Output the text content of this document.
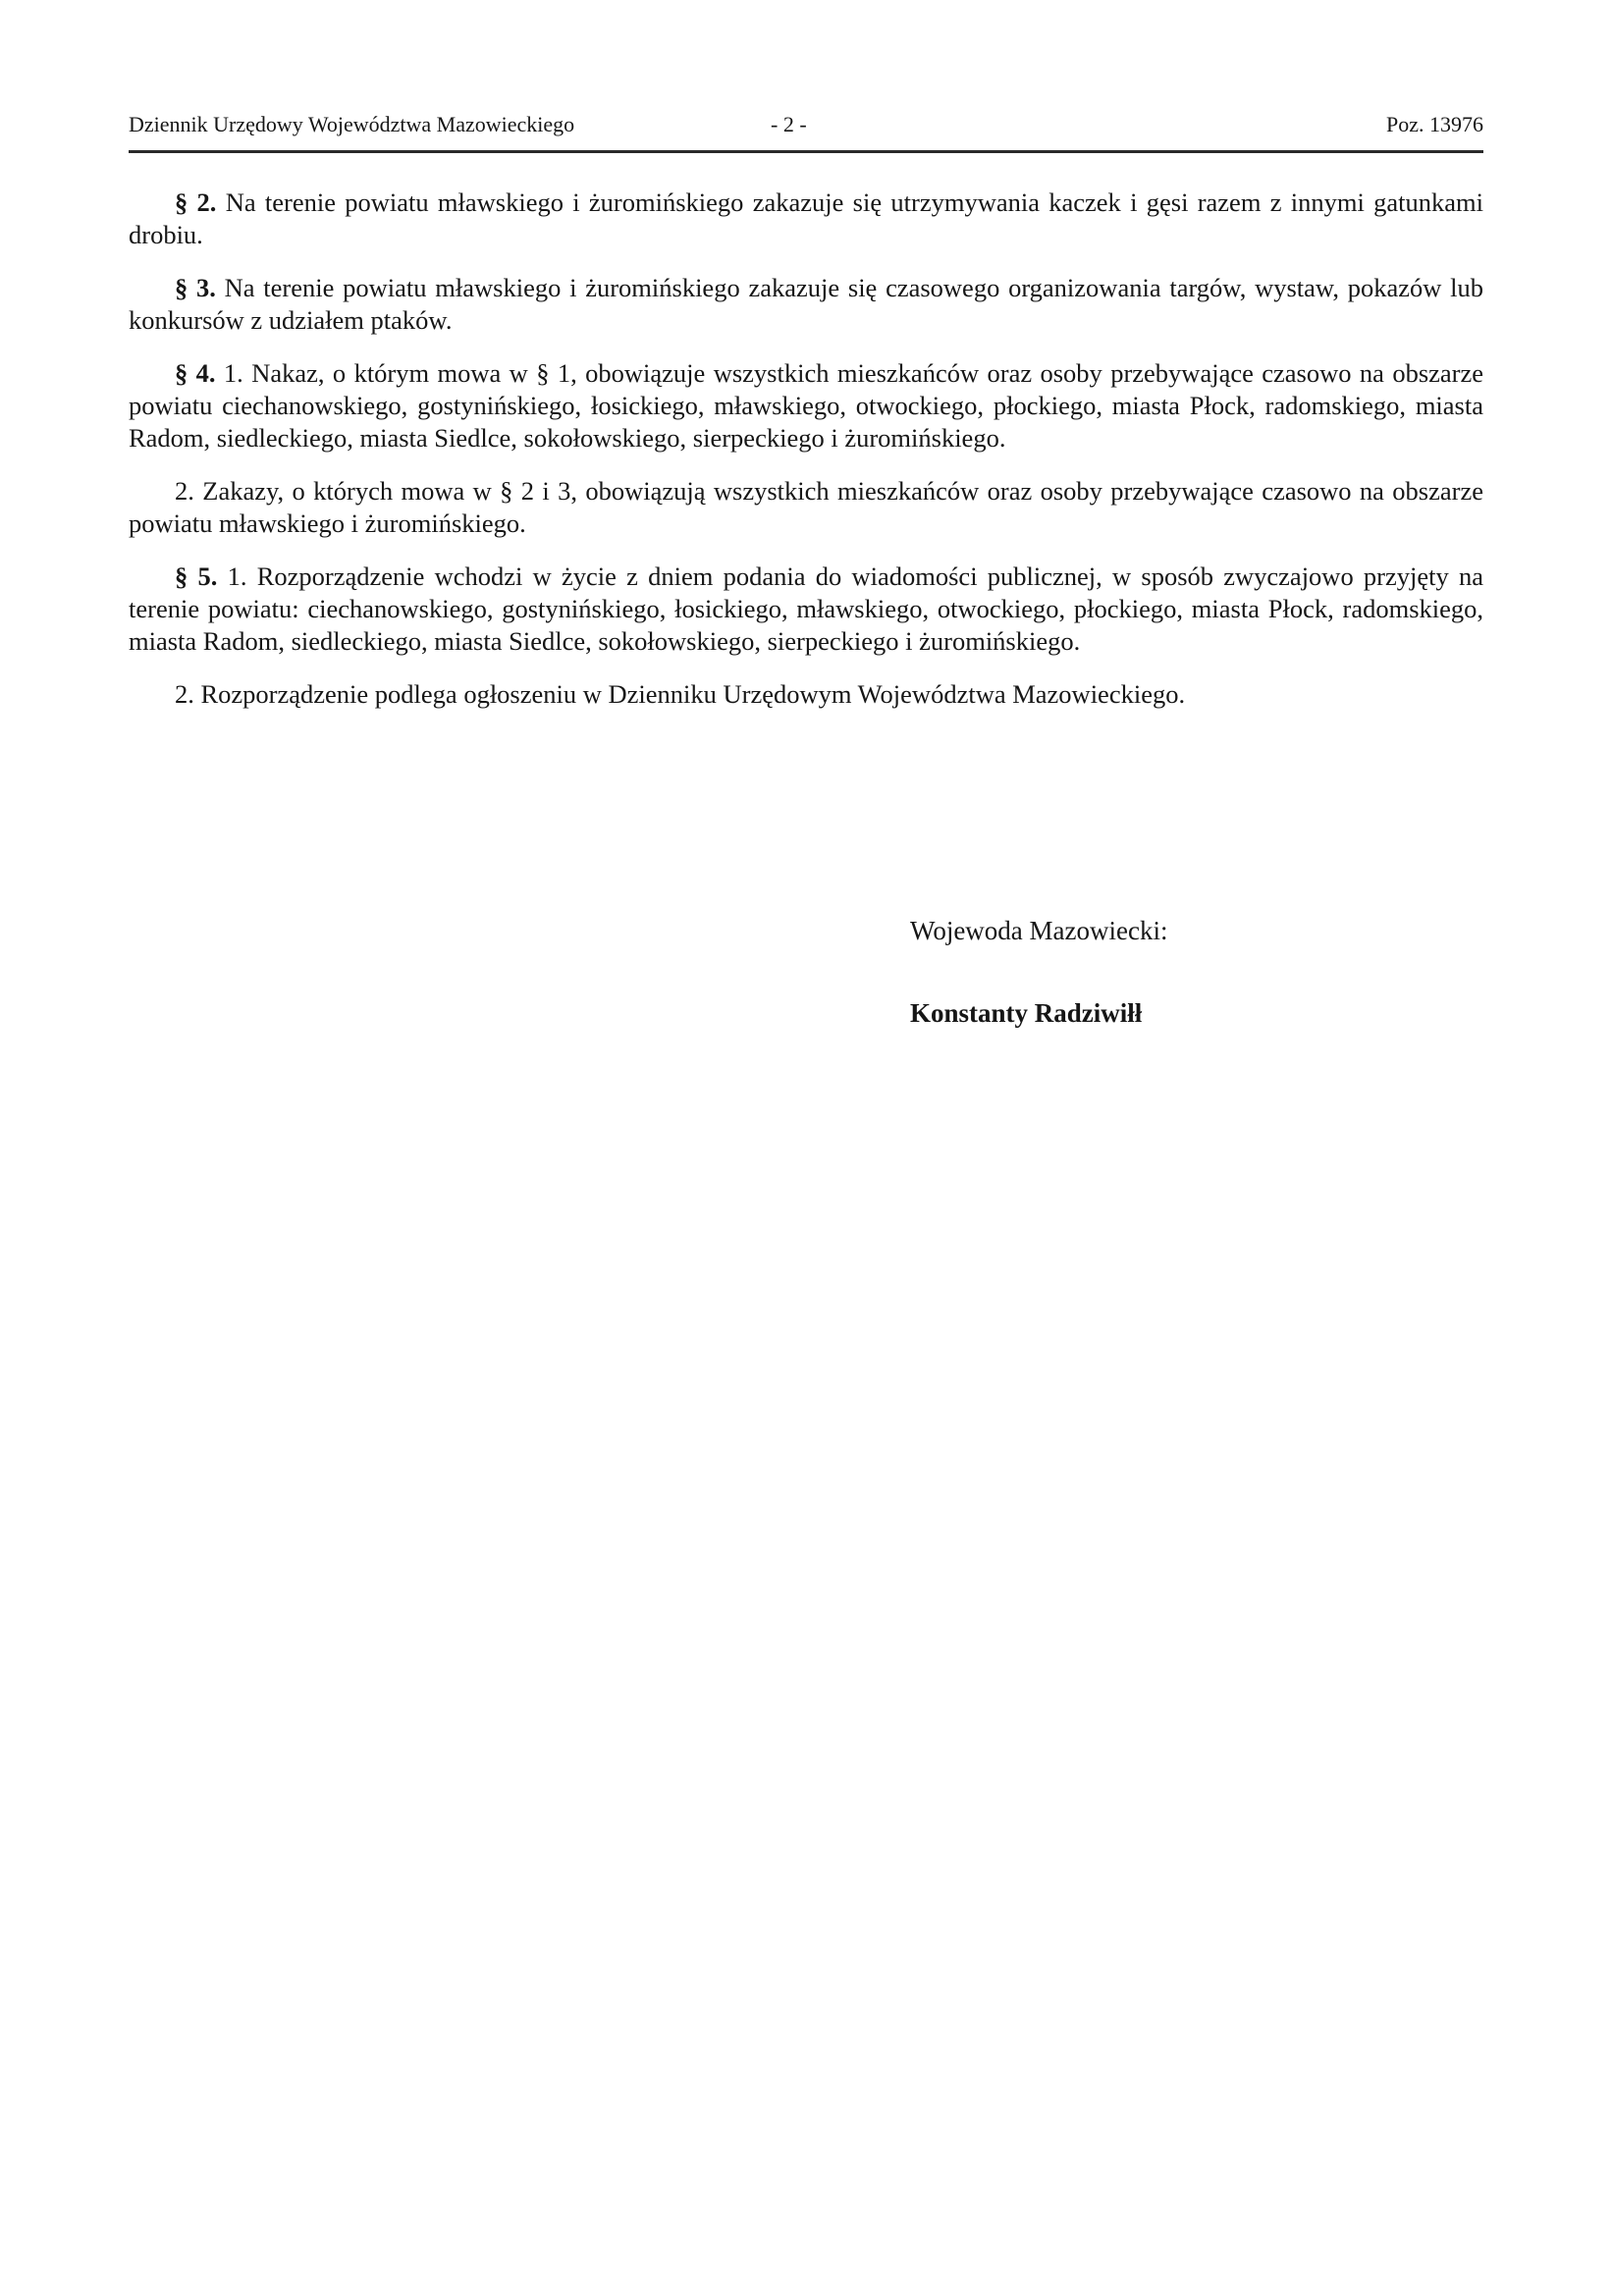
Dziennik Urzędowy Województwa Mazowieckiego	- 2 -	Poz. 13976

§ 2. Na terenie powiatu mławskiego i żuromińskiego zakazuje się utrzymywania kaczek i gęsi razem z innymi gatunkami drobiu.

§ 3. Na terenie powiatu mławskiego i żuromińskiego zakazuje się czasowego organizowania targów, wystaw, pokazów lub konkursów z udziałem ptaków.

§ 4. 1. Nakaz, o którym mowa w § 1, obowiązuje wszystkich mieszkańców oraz osoby przebywające czasowo na obszarze powiatu ciechanowskiego, gostynińskiego, łosickiego, mławskiego, otwockiego, płockiego, miasta Płock, radomskiego, miasta Radom, siedleckiego, miasta Siedlce, sokołowskiego, sierpeckiego i żuromińskiego.

2. Zakazy, o których mowa w § 2 i 3, obowiązują wszystkich mieszkańców oraz osoby przebywające czasowo na obszarze powiatu mławskiego i żuromińskiego.

§ 5. 1. Rozporządzenie wchodzi w życie z dniem podania do wiadomości publicznej, w sposób zwyczajowo przyjęty na terenie powiatu: ciechanowskiego, gostynińskiego, łosickiego, mławskiego, otwockiego, płockiego, miasta Płock, radomskiego, miasta Radom, siedleckiego, miasta Siedlce, sokołowskiego, sierpeckiego i żuromińskiego.

2. Rozporządzenie podlega ogłoszeniu w Dzienniku Urzędowym Województwa Mazowieckiego.

Wojewoda Mazowiecki:

Konstanty Radziwiłł
